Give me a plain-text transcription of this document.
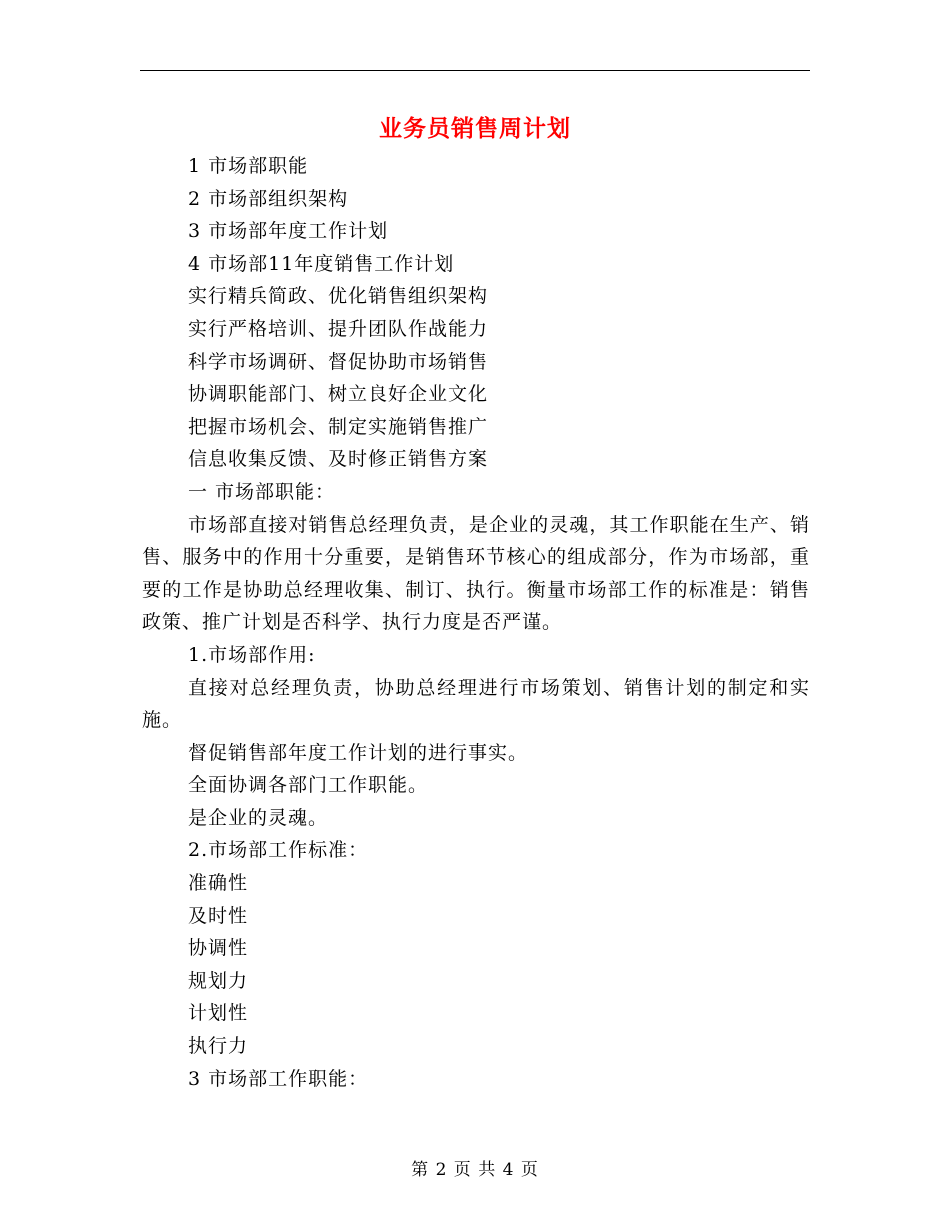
业务员销售周计划

1 市场部职能

2 市场部组织架构

3 市场部年度工作计划

4 市场部11年度销售工作计划

实行精兵简政、优化销售组织架构

实行严格培训、提升团队作战能力

科学市场调研、督促协助市场销售

协调职能部门、树立良好企业文化

把握市场机会、制定实施销售推广

信息收集反馈、及时修正销售方案

一 市场部职能：

市场部直接对销售总经理负责，是企业的灵魂，其工作职能在生产、销售、服务中的作用十分重要，是销售环节核心的组成部分，作为市场部，重要的工作是协助总经理收集、制订、执行。衡量市场部工作的标准是：销售政策、推广计划是否科学、执行力度是否严谨。

1.市场部作用:

直接对总经理负责，协助总经理进行市场策划、销售计划的制定和实施。

督促销售部年度工作计划的进行事实。

全面协调各部门工作职能。

是企业的灵魂。

2.市场部工作标准：

准确性

及时性

协调性

规划力

计划性

执行力

3 市场部工作职能：

第 2 页 共 4 页
